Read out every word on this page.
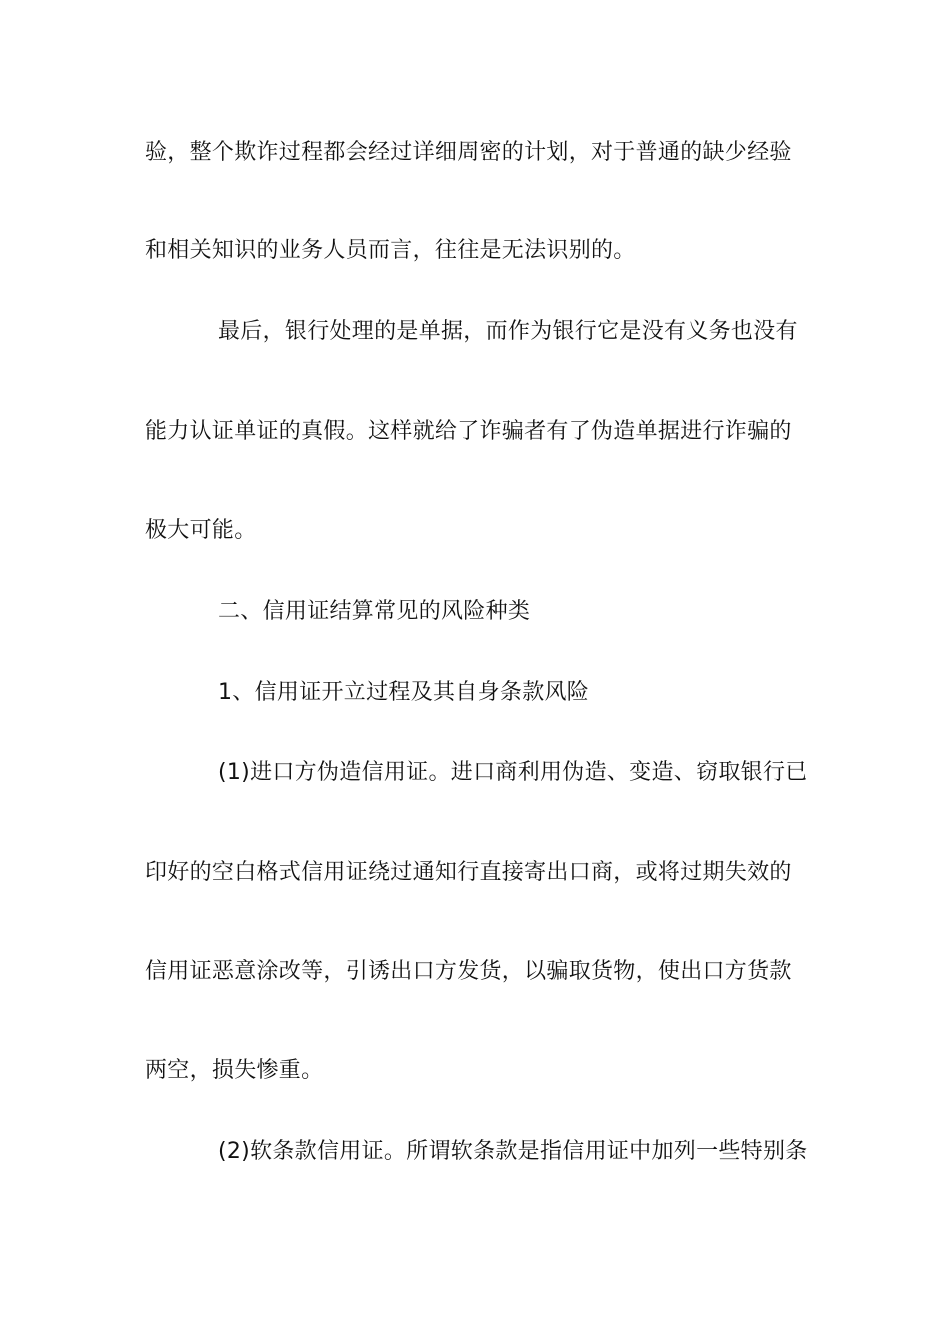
验，整个欺诈过程都会经过详细周密的计划，对于普通的缺少经验
和相关知识的业务人员而言，往往是无法识别的。
最后，银行处理的是单据，而作为银行它是没有义务也没有
能力认证单证的真假。这样就给了诈骗者有了伪造单据进行诈骗的
极大可能。
二、信用证结算常见的风险种类
1、信用证开立过程及其自身条款风险
(1)进口方伪造信用证。进口商利用伪造、变造、窃取银行已
印好的空白格式信用证绕过通知行直接寄出口商，或将过期失效的
信用证恶意涂改等，引诱出口方发货，以骗取货物，使出口方货款
两空，损失惨重。
(2)软条款信用证。所谓软条款是指信用证中加列一些特别条
